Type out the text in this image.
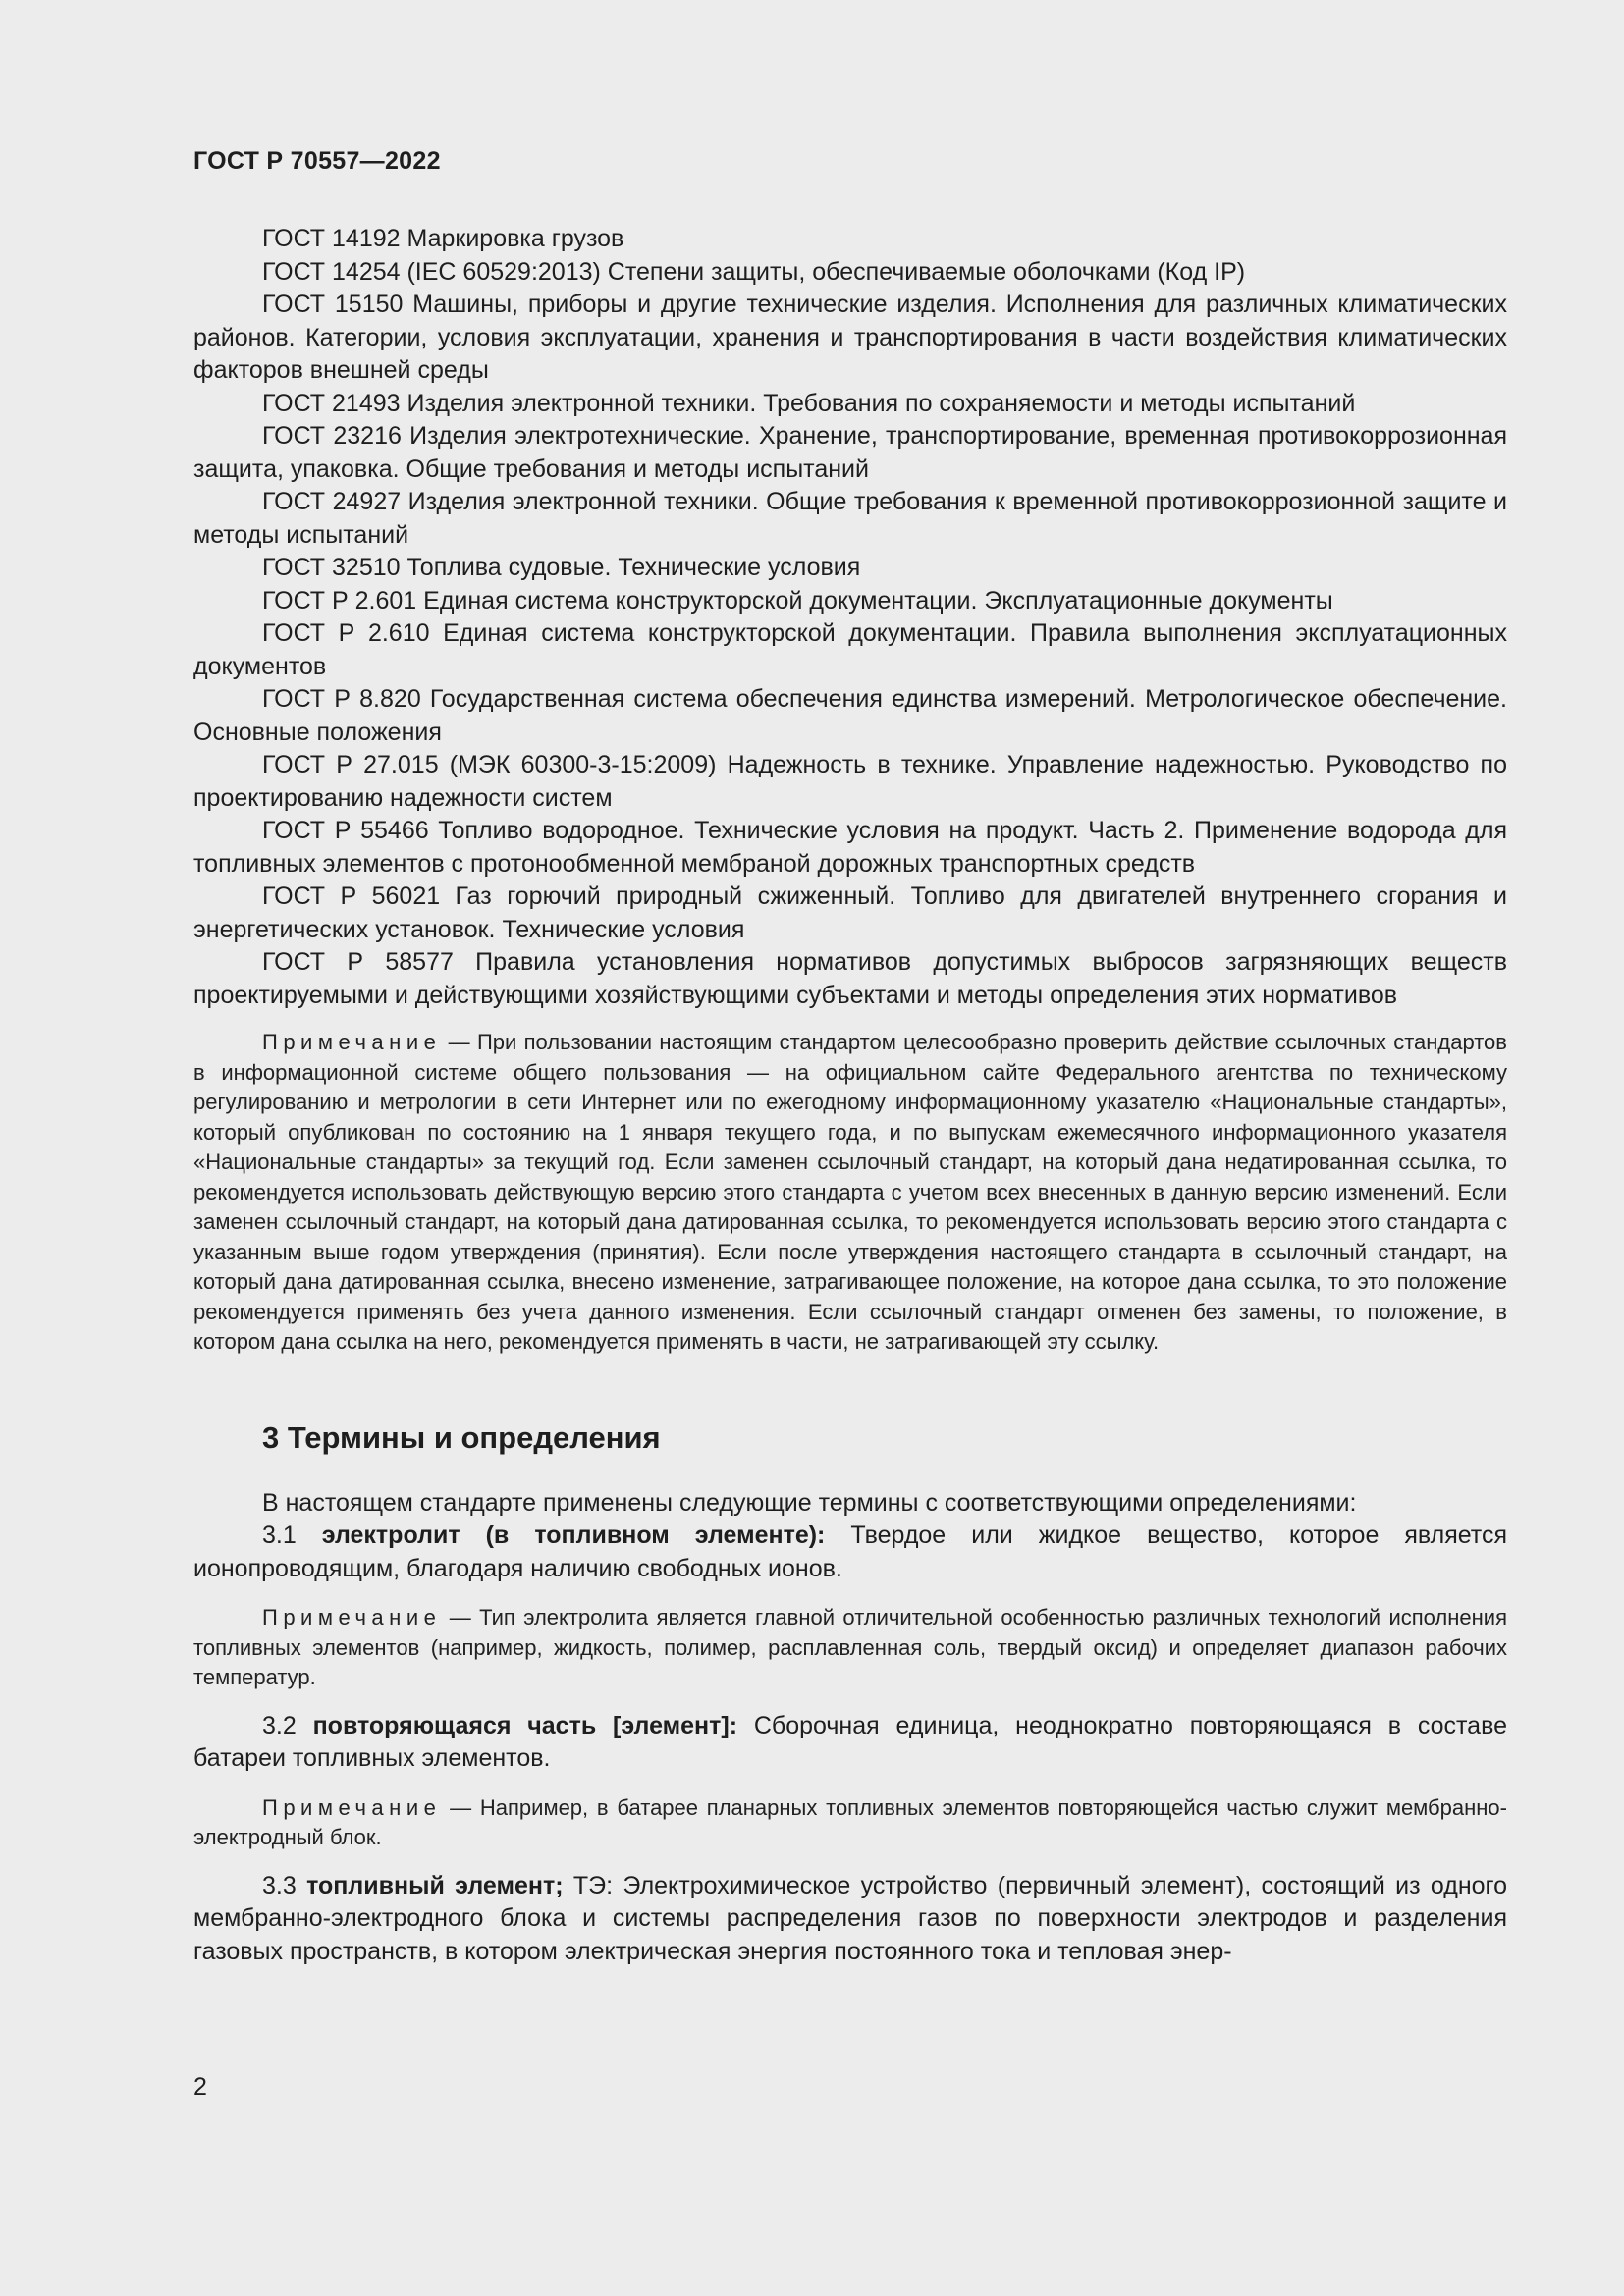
ГОСТ Р 70557—2022

ГОСТ 14192 Маркировка грузов

ГОСТ 14254 (IEC 60529:2013) Степени защиты, обеспечиваемые оболочками (Код IP)

ГОСТ 15150 Машины, приборы и другие технические изделия. Исполнения для различных климатических районов. Категории, условия эксплуатации, хранения и транспортирования в части воздействия климатических факторов внешней среды

ГОСТ 21493 Изделия электронной техники. Требования по сохраняемости и методы испытаний

ГОСТ 23216 Изделия электротехнические. Хранение, транспортирование, временная противокоррозионная защита, упаковка. Общие требования и методы испытаний

ГОСТ 24927 Изделия электронной техники. Общие требования к временной противокоррозионной защите и методы испытаний

ГОСТ 32510 Топлива судовые. Технические условия

ГОСТ Р 2.601 Единая система конструкторской документации. Эксплуатационные документы

ГОСТ Р 2.610 Единая система конструкторской документации. Правила выполнения эксплуатационных документов

ГОСТ Р 8.820 Государственная система обеспечения единства измерений. Метрологическое обеспечение. Основные положения

ГОСТ Р 27.015 (МЭК 60300-3-15:2009) Надежность в технике. Управление надежностью. Руководство по проектированию надежности систем

ГОСТ Р 55466 Топливо водородное. Технические условия на продукт. Часть 2. Применение водорода для топливных элементов с протонообменной мембраной дорожных транспортных средств

ГОСТ Р 56021 Газ горючий природный сжиженный. Топливо для двигателей внутреннего сгорания и энергетических установок. Технические условия

ГОСТ Р 58577 Правила установления нормативов допустимых выбросов загрязняющих веществ проектируемыми и действующими хозяйствующими субъектами и методы определения этих нормативов

Примечание — При пользовании настоящим стандартом целесообразно проверить действие ссылочных стандартов в информационной системе общего пользования — на официальном сайте Федерального агентства по техническому регулированию и метрологии в сети Интернет или по ежегодному информационному указателю «Национальные стандарты», который опубликован по состоянию на 1 января текущего года, и по выпускам ежемесячного информационного указателя «Национальные стандарты» за текущий год. Если заменен ссылочный стандарт, на который дана недатированная ссылка, то рекомендуется использовать действующую версию этого стандарта с учетом всех внесенных в данную версию изменений. Если заменен ссылочный стандарт, на который дана датированная ссылка, то рекомендуется использовать версию этого стандарта с указанным выше годом утверждения (принятия). Если после утверждения настоящего стандарта в ссылочный стандарт, на который дана датированная ссылка, внесено изменение, затрагивающее положение, на которое дана ссылка, то это положение рекомендуется применять без учета данного изменения. Если ссылочный стандарт отменен без замены, то положение, в котором дана ссылка на него, рекомендуется применять в части, не затрагивающей эту ссылку.

3 Термины и определения

В настоящем стандарте применены следующие термины с соответствующими определениями:

3.1 электролит (в топливном элементе): Твердое или жидкое вещество, которое является ионопроводящим, благодаря наличию свободных ионов.

Примечание — Тип электролита является главной отличительной особенностью различных технологий исполнения топливных элементов (например, жидкость, полимер, расплавленная соль, твердый оксид) и определяет диапазон рабочих температур.

3.2 повторяющаяся часть [элемент]: Сборочная единица, неоднократно повторяющаяся в составе батареи топливных элементов.

Примечание — Например, в батарее планарных топливных элементов повторяющейся частью служит мембранно-электродный блок.

3.3 топливный элемент; ТЭ: Электрохимическое устройство (первичный элемент), состоящий из одного мембранно-электродного блока и системы распределения газов по поверхности электродов и разделения газовых пространств, в котором электрическая энергия постоянного тока и тепловая энер-

2
